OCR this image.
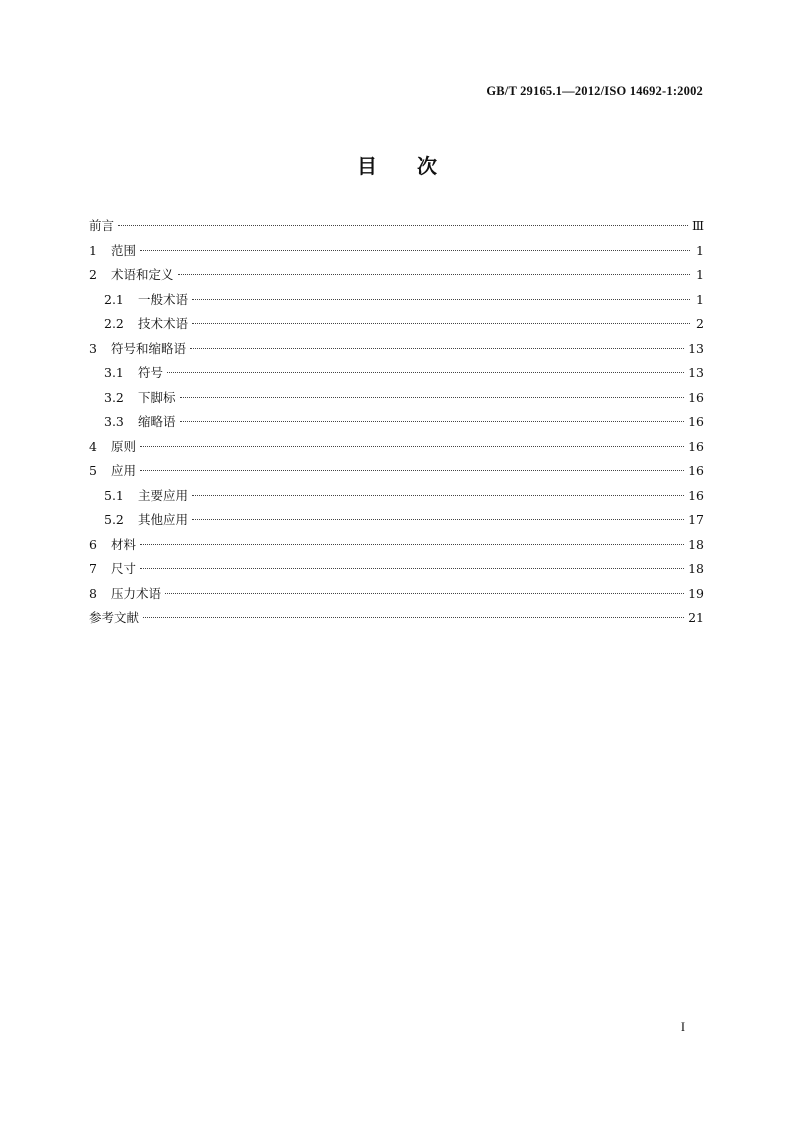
GB/T 29165.1—2012/ISO 14692-1:2002
目次
前言	Ⅲ
1	范围	1
2	术语和定义	1
2.1	一般术语	1
2.2	技术术语	2
3	符号和缩略语	13
3.1	符号	13
3.2	下脚标	16
3.3	缩略语	16
4	原则	16
5	应用	16
5.1	主要应用	16
5.2	其他应用	17
6	材料	18
7	尺寸	18
8	压力术语	19
参考文献	21
I
